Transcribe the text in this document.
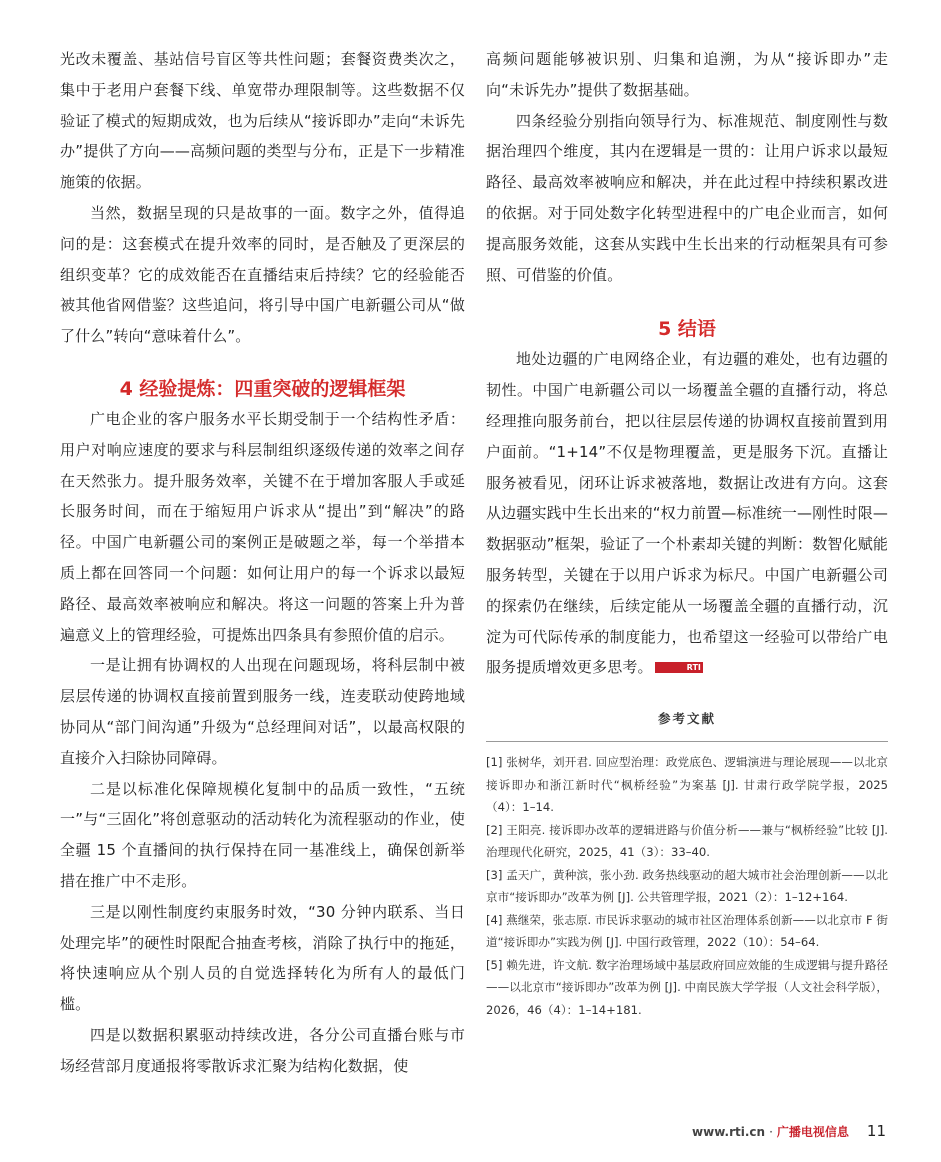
光改未覆盖、基站信号盲区等共性问题；套餐资费类次之，集中于老用户套餐下线、单宽带办理限制等。这些数据不仅验证了模式的短期成效，也为后续从“接诉即办”走向“未诉先办”提供了方向——高频问题的类型与分布，正是下一步精准施策的依据。

当然，数据呈现的只是故事的一面。数字之外，值得追问的是：这套模式在提升效率的同时，是否触及了更深层的组织变革？它的成效能否在直播结束后持续？它的经验能否被其他省网借鉴？这些追问，将引导中国广电新疆公司从“做了什么”转向“意味着什么”。

4 经验提炼：四重突破的逻辑框架

广电企业的客户服务水平长期受制于一个结构性矛盾：用户对响应速度的要求与科层制组织逐级传递的效率之间存在天然张力。提升服务效率，关键不在于增加客服人手或延长服务时间，而在于缩短用户诉求从“提出”到“解决”的路径。中国广电新疆公司的案例正是破题之举，每一个举措本质上都在回答同一个问题：如何让用户的每一个诉求以最短路径、最高效率被响应和解决。将这一问题的答案上升为普遍意义上的管理经验，可提炼出四条具有参照价值的启示。

一是让拥有协调权的人出现在问题现场，将科层制中被层层传递的协调权直接前置到服务一线，连麦联动使跨地域协同从“部门间沟通”升级为“总经理间对话”，以最高权限的直接介入扫除协同障碍。

二是以标准化保障规模化复制中的品质一致性，“五统一”与“三固化”将创意驱动的活动转化为流程驱动的作业，使全疆 15 个直播间的执行保持在同一基准线上，确保创新举措在推广中不走形。

三是以刚性制度约束服务时效，“30 分钟内联系、当日处理完毕”的硬性时限配合抽查考核，消除了执行中的拖延，将快速响应从个别人员的自觉选择转化为所有人的最低门槛。

四是以数据积累驱动持续改进，各分公司直播台账与市场经营部月度通报将零散诉求汇聚为结构化数据，使

高频问题能够被识别、归集和追溯，为从“接诉即办”走向“未诉先办”提供了数据基础。

四条经验分别指向领导行为、标准规范、制度刚性与数据治理四个维度，其内在逻辑是一贯的：让用户诉求以最短路径、最高效率被响应和解决，并在此过程中持续积累改进的依据。对于同处数字化转型进程中的广电企业而言，如何提高服务效能，这套从实践中生长出来的行动框架具有可参照、可借鉴的价值。

5 结语

地处边疆的广电网络企业，有边疆的难处，也有边疆的韧性。中国广电新疆公司以一场覆盖全疆的直播行动，将总经理推向服务前台，把以往层层传递的协调权直接前置到用户面前。“1+14”不仅是物理覆盖，更是服务下沉。直播让服务被看见，闭环让诉求被落地，数据让改进有方向。这套从边疆实践中生长出来的“权力前置—标准统一—刚性时限—数据驱动”框架，验证了一个朴素却关键的判断：数智化赋能服务转型，关键在于以用户诉求为标尺。中国广电新疆公司的探索仍在继续，后续定能从一场覆盖全疆的直播行动，沉淀为可代际传承的制度能力，也希望这一经验可以带给广电服务提质增效更多思考。	RTI

参考文献

[1] 张树华，刘开君. 回应型治理：政党底色、逻辑演进与理论展现——以北京接诉即办和浙江新时代“枫桥经验”为案基 [J]. 甘肃行政学院学报，2025（4）：1–14.

[2] 王阳亮. 接诉即办改革的逻辑进路与价值分析——兼与“枫桥经验”比较 [J]. 治理现代化研究，2025，41（3）：33–40.

[3] 孟天广，黄种滨，张小劲. 政务热线驱动的超大城市社会治理创新——以北京市“接诉即办”改革为例 [J]. 公共管理学报，2021（2）：1–12+164.

[4] 燕继荣，张志原. 市民诉求驱动的城市社区治理体系创新——以北京市 F 街道“接诉即办”实践为例 [J]. 中国行政管理，2022（10）：54–64.

[5] 赖先进，许文航. 数字治理场域中基层政府回应效能的生成逻辑与提升路径——以北京市“接诉即办”改革为例 [J]. 中南民族大学学报（人文社会科学版），2026，46（4）：1–14+181.

www.rti.cn · 广播电视信息 11
